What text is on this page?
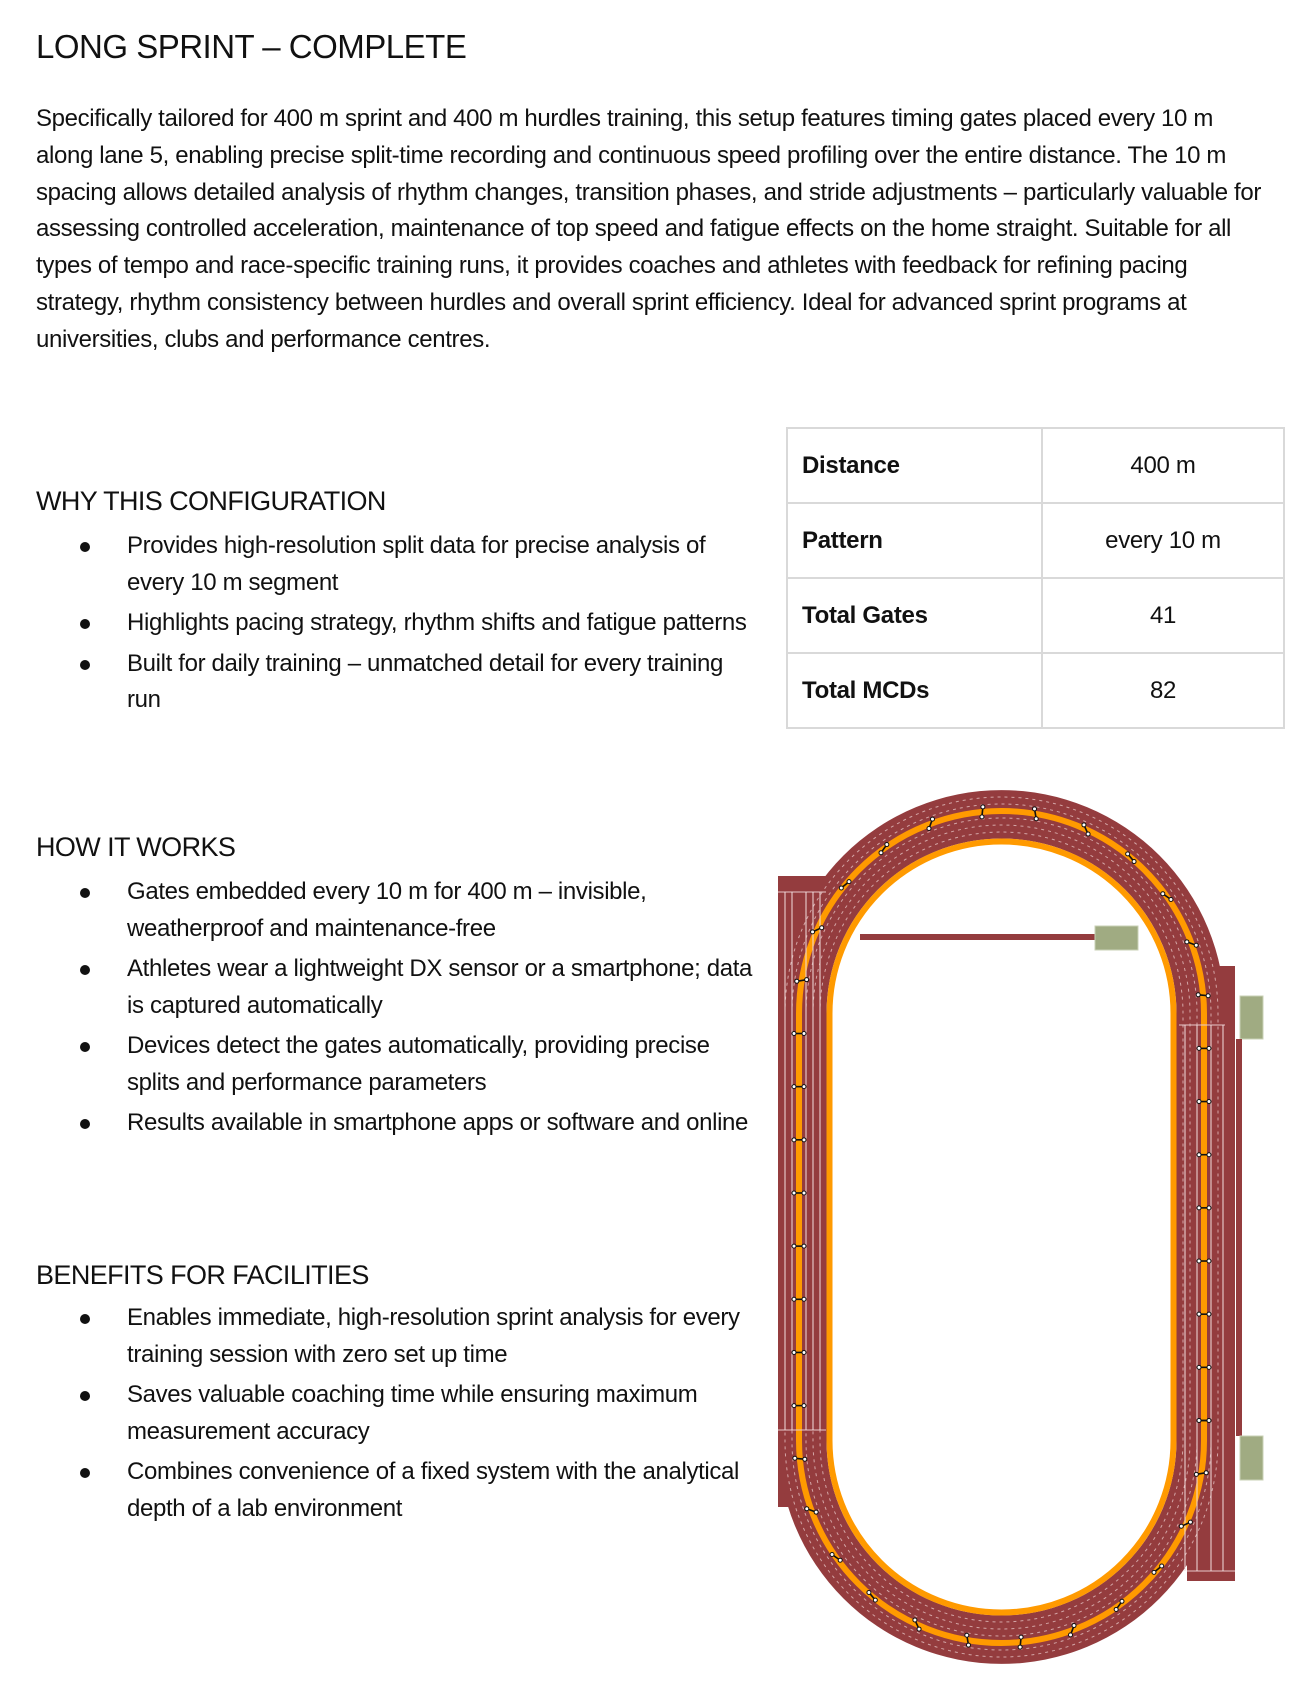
LONG SPRINT – COMPLETE
Specifically tailored for 400 m sprint and 400 m hurdles training, this setup features timing gates placed every 10 m along lane 5, enabling precise split-time recording and continuous speed profiling over the entire distance. The 10 m spacing allows detailed analysis of rhythm changes, transition phases, and stride adjustments – particularly valuable for assessing controlled acceleration, maintenance of top speed and fatigue effects on the home straight. Suitable for all types of tempo and race-specific training runs, it provides coaches and athletes with feedback for refining pacing strategy, rhythm consistency between hurdles and overall sprint efficiency. Ideal for advanced sprint programs at universities, clubs and performance centres.
Distance	400 m
Pattern	every 10 m
Total Gates	41
Total MCDs	82
WHY THIS CONFIGURATION
Provides high-resolution split data for precise analysis of every 10 m segment
Highlights pacing strategy, rhythm shifts and fatigue patterns
Built for daily training – unmatched detail for every training run
HOW IT WORKS
Gates embedded every 10 m for 400 m – invisible, weatherproof and maintenance-free
Athletes wear a lightweight DX sensor or a smartphone; data is captured automatically
Devices detect the gates automatically, providing precise splits and performance parameters
Results available in smartphone apps or software and online
BENEFITS FOR FACILITIES
Enables immediate, high-resolution sprint analysis for every training session with zero set up time
Saves valuable coaching time while ensuring maximum measurement accuracy
Combines convenience of a fixed system with the analytical depth of a lab environment
